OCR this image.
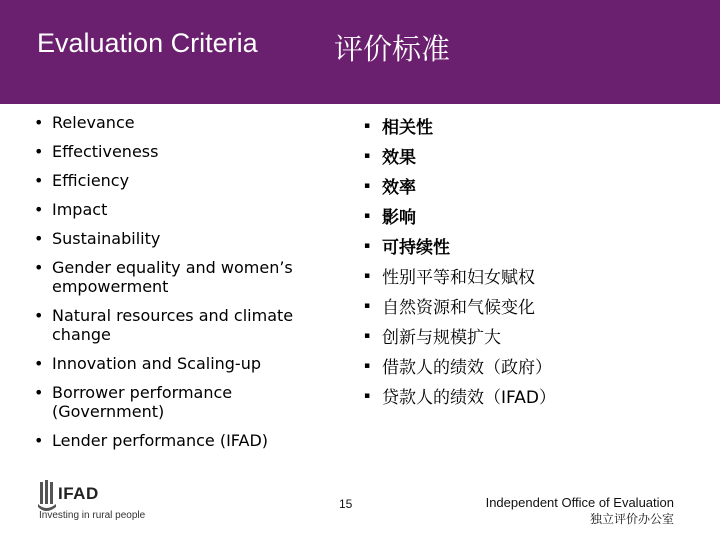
Evaluation Criteria	评价标准
• Relevance
• Effectiveness
• Efficiency
• Impact
• Sustainability
• Gender equality and women’s empowerment
• Natural resources and climate change
• Innovation and Scaling-up
• Borrower performance (Government)
• Lender performance (IFAD)
▪ 相关性
▪ 效果
▪ 效率
▪ 影响
▪ 可持续性
▪ 性别平等和妇女赋权
▪ 自然资源和气候变化
▪ 创新与规模扩大
▪ 借款人的绩效（政府）
▪ 贷款人的绩效（IFAD）
IFAD
Investing in rural people
15	Independent Office of Evaluation
独立评价办公室
